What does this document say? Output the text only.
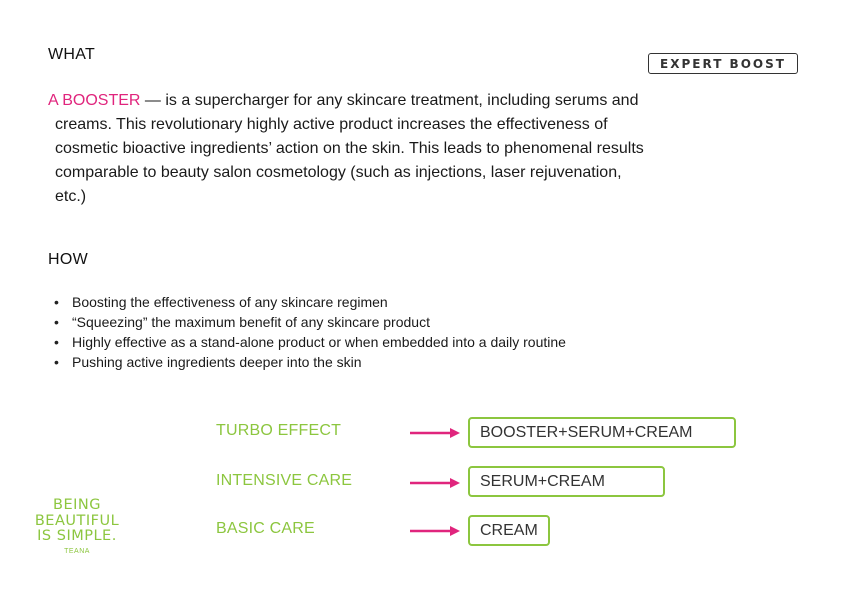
WHAT
EXPERT BOOST
A BOOSTER — is a supercharger for any skincare treatment, including serums and
creams. This revolutionary highly active product increases the effectiveness of
cosmetic bioactive ingredients’ action on the skin. This leads to phenomenal results
comparable to beauty salon cosmetology (such as injections, laser rejuvenation,
etc.)
HOW
• Boosting the effectiveness of any skincare regimen
• “Squeezing” the maximum benefit of any skincare product
• Highly effective as a stand-alone product or when embedded into a daily routine
• Pushing active ingredients deeper into the skin
TURBO EFFECT	BOOSTER+SERUM+CREAM
INTENSIVE CARE	SERUM+CREAM
BASIC CARE	CREAM
BEING
BEAUTIFUL
IS SIMPLE.
TEANA
